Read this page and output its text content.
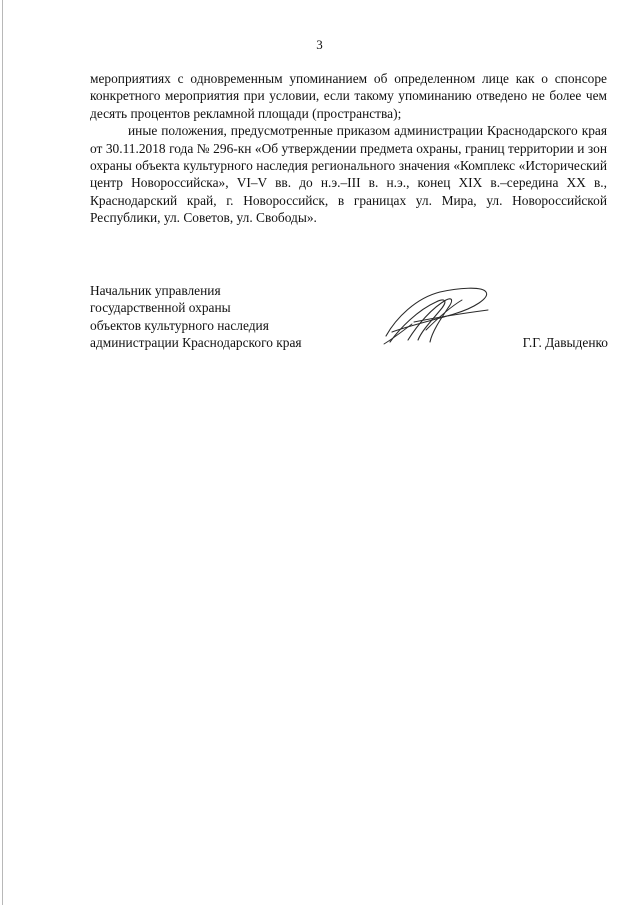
3

мероприятиях с одновременным упоминанием об определенном лице как о спонсоре конкретного мероприятия при условии, если такому упоминанию отведено не более чем десять процентов рекламной площади (пространства);

иные положения, предусмотренные приказом администрации Краснодарского края от 30.11.2018 года № 296-кн «Об утверждении предмета охраны, границ территории и зон охраны объекта культурного наследия регионального значения «Комплекс «Исторический центр Новороссийска», VI–V вв. до н.э.–III в. н.э., конец XIX в.–середина XX в., Краснодарский край, г. Новороссийск, в границах ул. Мира, ул. Новороссийской Республики, ул. Советов, ул. Свободы».

Начальник управления
государственной охраны
объектов культурного наследия
администрации Краснодарского края	Г.Г. Давыденко
